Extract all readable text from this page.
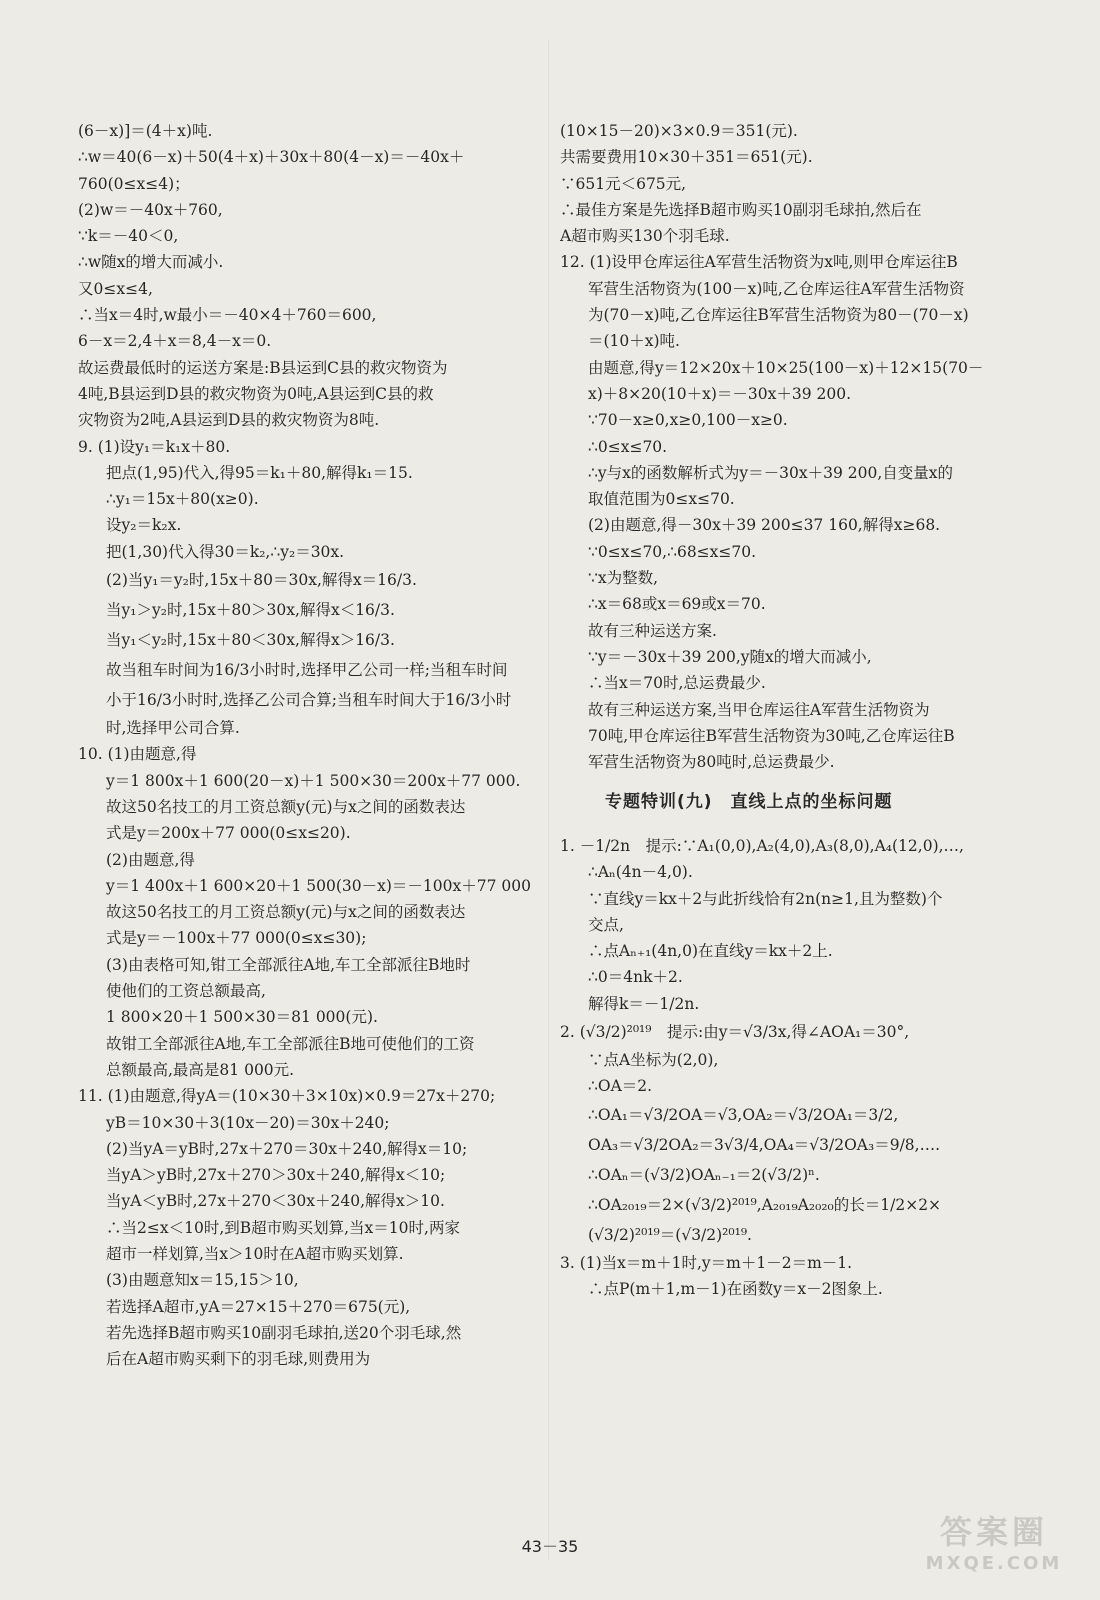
(6－x)]＝(4＋x)吨.
∴w＝40(6－x)＋50(4＋x)＋30x＋80(4－x)＝－40x＋
760(0≤x≤4)；
(2)w＝－40x＋760,
∵k＝－40＜0,
∴w随x的增大而减小.
又0≤x≤4,
∴当x＝4时,w最小＝－40×4＋760＝600,
6－x＝2,4＋x＝8,4－x＝0.
故运费最低时的运送方案是:B县运到C县的救灾物资为
4吨,B县运到D县的救灾物资为0吨,A县运到C县的救
灾物资为2吨,A县运到D县的救灾物资为8吨.
9. (1)设y₁＝k₁x＋80.
把点(1,95)代入,得95＝k₁＋80,解得k₁＝15.
∴y₁＝15x＋80(x≥0).
设y₂＝k₂x.
把(1,30)代入得30＝k₂,∴y₂＝30x.
(2)当y₁＝y₂时,15x＋80＝30x,解得x＝16/3.
当y₁＞y₂时,15x＋80＞30x,解得x＜16/3.
当y₁＜y₂时,15x＋80＜30x,解得x＞16/3.
故当租车时间为16/3小时时,选择甲乙公司一样;当租车时间
小于16/3小时时,选择乙公司合算;当租车时间大于16/3小时
时,选择甲公司合算.
10. (1)由题意,得
y＝1 800x＋1 600(20－x)＋1 500×30＝200x＋77 000.
故这50名技工的月工资总额y(元)与x之间的函数表达
式是y＝200x＋77 000(0≤x≤20).
(2)由题意,得
y＝1 400x＋1 600×20＋1 500(30－x)＝－100x＋77 000
故这50名技工的月工资总额y(元)与x之间的函数表达
式是y＝－100x＋77 000(0≤x≤30);
(3)由表格可知,钳工全部派往A地,车工全部派往B地时
使他们的工资总额最高,
1 800×20＋1 500×30＝81 000(元).
故钳工全部派往A地,车工全部派往B地可使他们的工资
总额最高,最高是81 000元.
11. (1)由题意,得yA＝(10×30＋3×10x)×0.9＝27x＋270;
yB＝10×30＋3(10x－20)＝30x＋240;
(2)当yA＝yB时,27x＋270＝30x＋240,解得x＝10;
当yA＞yB时,27x＋270＞30x＋240,解得x＜10;
当yA＜yB时,27x＋270＜30x＋240,解得x＞10.
∴当2≤x＜10时,到B超市购买划算,当x＝10时,两家
超市一样划算,当x＞10时在A超市购买划算.
(3)由题意知x＝15,15＞10,
若选择A超市,yA＝27×15＋270＝675(元),
若先选择B超市购买10副羽毛球拍,送20个羽毛球,然
后在A超市购买剩下的羽毛球,则费用为
(10×15－20)×3×0.9＝351(元).
共需要费用10×30＋351＝651(元).
∵651元＜675元,
∴最佳方案是先选择B超市购买10副羽毛球拍,然后在
A超市购买130个羽毛球.
12. (1)设甲仓库运往A军营生活物资为x吨,则甲仓库运往B
军营生活物资为(100－x)吨,乙仓库运往A军营生活物资
为(70－x)吨,乙仓库运往B军营生活物资为80－(70－x)
＝(10＋x)吨.
由题意,得y＝12×20x＋10×25(100－x)＋12×15(70－
x)＋8×20(10＋x)＝－30x＋39 200.
∵70－x≥0,x≥0,100－x≥0.
∴0≤x≤70.
∴y与x的函数解析式为y＝－30x＋39 200,自变量x的
取值范围为0≤x≤70.
(2)由题意,得－30x＋39 200≤37 160,解得x≥68.
∵0≤x≤70,∴68≤x≤70.
∵x为整数,
∴x＝68或x＝69或x＝70.
故有三种运送方案.
∵y＝－30x＋39 200,y随x的增大而减小,
∴当x＝70时,总运费最少.
故有三种运送方案,当甲仓库运往A军营生活物资为
70吨,甲仓库运往B军营生活物资为30吨,乙仓库运往B
军营生活物资为80吨时,总运费最少.
专题特训(九)　直线上点的坐标问题
1. －1/2n　提示:∵A₁(0,0),A₂(4,0),A₃(8,0),A₄(12,0),…,
∴Aₙ(4n－4,0).
∵直线y＝kx＋2与此折线恰有2n(n≥1,且为整数)个
交点,
∴点Aₙ₊₁(4n,0)在直线y＝kx＋2上.
∴0＝4nk＋2.
解得k＝－1/2n.
2. (√3/2)²⁰¹⁹　提示:由y＝√3/3x,得∠AOA₁＝30°,
∵点A坐标为(2,0),
∴OA＝2.
∴OA₁＝√3/2OA＝√3,OA₂＝√3/2OA₁＝3/2,
OA₃＝√3/2OA₂＝3√3/4,OA₄＝√3/2OA₃＝9/8,….
∴OAₙ＝(√3/2)OAₙ₋₁＝2(√3/2)ⁿ.
∴OA₂₀₁₉＝2×(√3/2)²⁰¹⁹,A₂₀₁₉A₂₀₂₀的长＝1/2×2×
(√3/2)²⁰¹⁹＝(√3/2)²⁰¹⁹.
3. (1)当x＝m＋1时,y＝m＋1－2＝m－1.
∴点P(m＋1,m－1)在函数y＝x－2图象上.
43－35	答案圈
MXQE.COM
